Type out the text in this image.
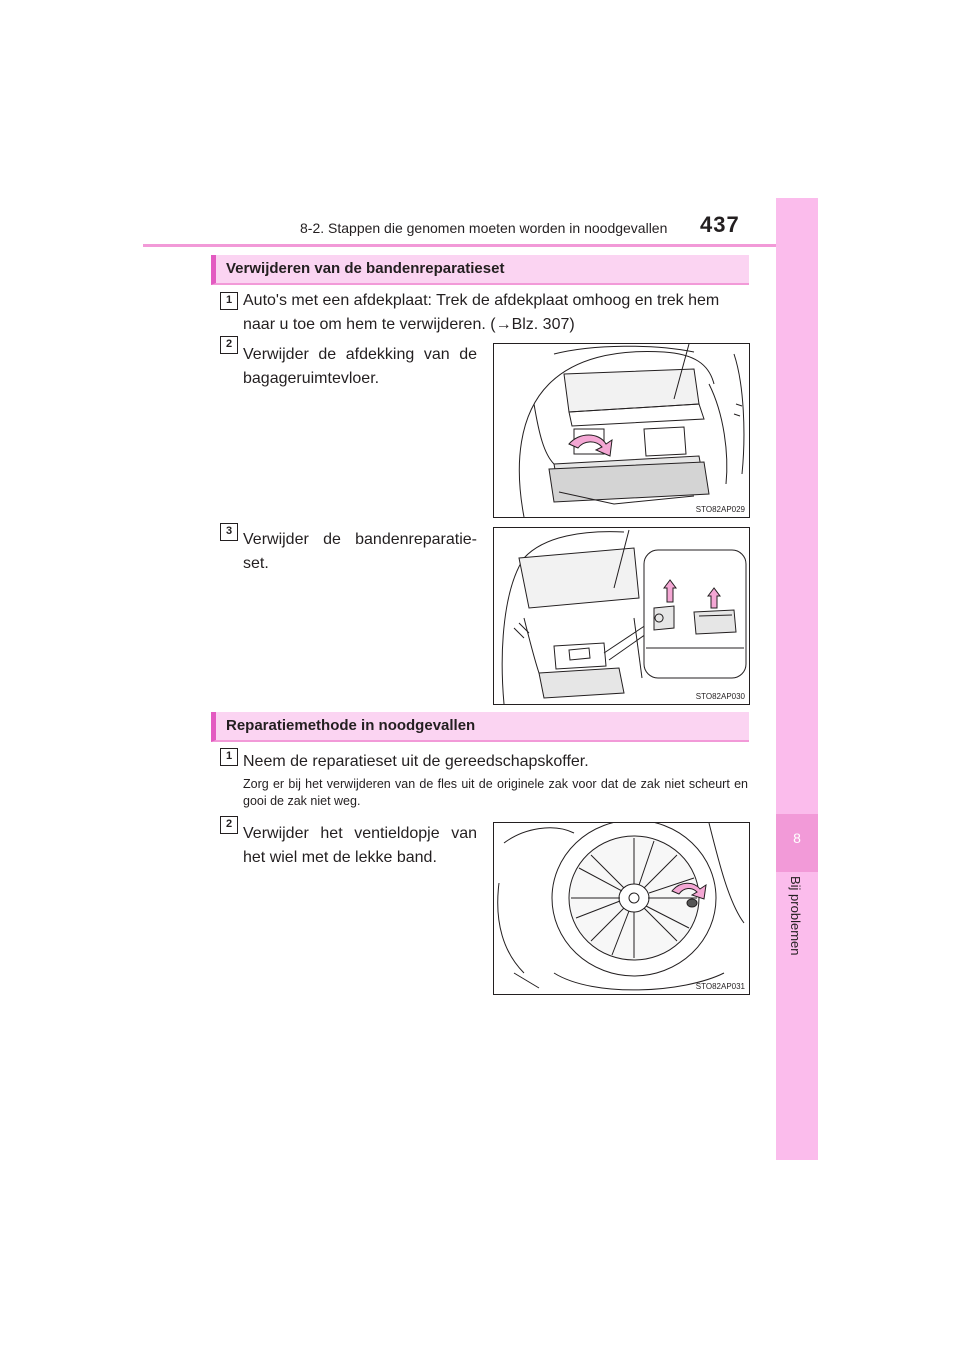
8-2. Stappen die genomen moeten worden in noodgevallen 437
8
Bij problemen
Verwijderen van de bandenreparatieset
1 Auto's met een afdekplaat: Trek de afdekplaat omhoog en trek hem
naar u toe om hem te verwijderen. (→Blz. 307)
2
Verwijder de afdekking van de bagageruimtevloer.
STO82AP029
3 Verwijder de bandenreparatie-set.
STO82AP030
Reparatiemethode in noodgevallen
1 Neem de reparatieset uit de gereedschapskoffer.
Zorg er bij het verwijderen van de fles uit de originele zak voor dat de zak niet scheurt en gooi de zak niet weg.
2
Verwijder het ventieldopje van het wiel met de lekke band.
STO82AP031
